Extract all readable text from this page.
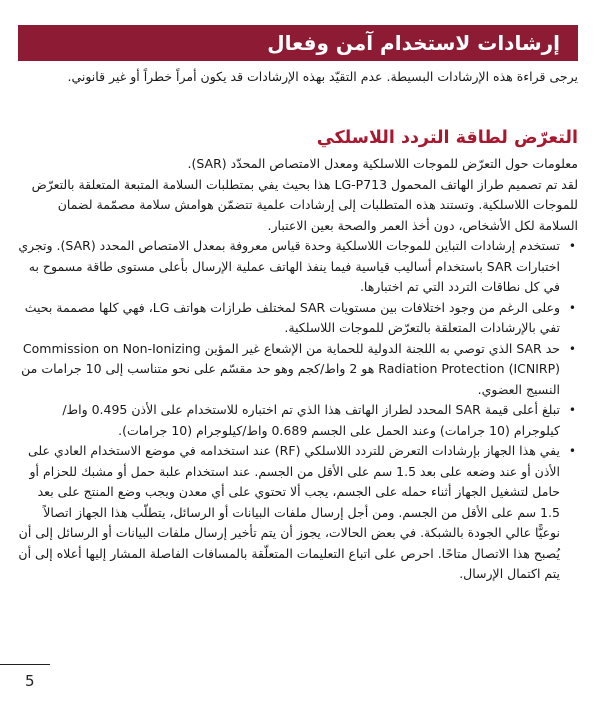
إرشادات لاستخدام آمن وفعال

يرجى قراءة هذه الإرشادات البسيطة. عدم التقيّد بهذه الإرشادات قد يكون أمراً خطراً أو غير قانوني.

التعرّض لطاقة التردد اللاسلكي

معلومات حول التعرّض للموجات اللاسلكية ومعدل الامتصاص المحدّد (SAR).

لقد تم تصميم طراز الهاتف المحمول LG-P713 هذا بحيث يفي بمتطلبات السلامة المتبعة المتعلقة بالتعرّض للموجات اللاسلكية. وتستند هذه المتطلبات إلى إرشادات علمية تتضمّن هوامش سلامة مصمّمة لضمان السلامة لكل الأشخاص، دون أخذ العمر والصحة بعين الاعتبار.

•
تستخدم إرشادات التباين للموجات اللاسلكية وحدة قياس معروفة بمعدل الامتصاص المحدد (SAR). وتجري اختبارات SAR باستخدام أساليب قياسية فيما ينفذ الهاتف عملية الإرسال بأعلى مستوى طاقة مسموح به في كل نطاقات التردد التي تم اختبارها.
•
وعلى الرغم من وجود اختلافات بين مستويات SAR لمختلف طرازات هواتف LG، فهي كلها مصممة بحيث تفي بالإرشادات المتعلقة بالتعرّض للموجات اللاسلكية.
•
حد SAR الذي توصي به اللجنة الدولية للحماية من الإشعاع غير المؤين Commission on Non-Ionizing Radiation Protection (ICNIRP) هو 2 واط/كجم وهو حد مقسّم على نحو متناسب إلى 10 جرامات من النسيج العضوي.
•
تبلغ أعلى قيمة SAR المحدد لطراز الهاتف هذا الذي تم اختباره للاستخدام على الأذن 0.495 واط/كيلوجرام (10 جرامات) وعند الحمل على الجسم 0.689 واط/كيلوجرام (10 جرامات).
•
يفي هذا الجهاز بإرشادات التعرض للتردد اللاسلكي (RF) عند استخدامه في موضع الاستخدام العادي على الأذن أو عند وضعه على بعد 1.5 سم على الأقل من الجسم. عند استخدام علبة حمل أو مشبك للحزام أو حامل لتشغيل الجهاز أثناء حمله على الجسم، يجب ألا تحتوي على أي معدن ويجب وضع المنتج على بعد 1.5 سم على الأقل من الجسم. ومن أجل إرسال ملفات البيانات أو الرسائل، يتطلّب هذا الجهاز اتصالاً نوعيًّا عالي الجودة بالشبكة. في بعض الحالات، يجوز أن يتم تأخير إرسال ملفات البيانات أو الرسائل إلى أن يُصبح هذا الاتصال متاحًا. احرص على اتباع التعليمات المتعلّقة بالمسافات الفاصلة المشار إليها أعلاه إلى أن يتم اكتمال الإرسال.
5
